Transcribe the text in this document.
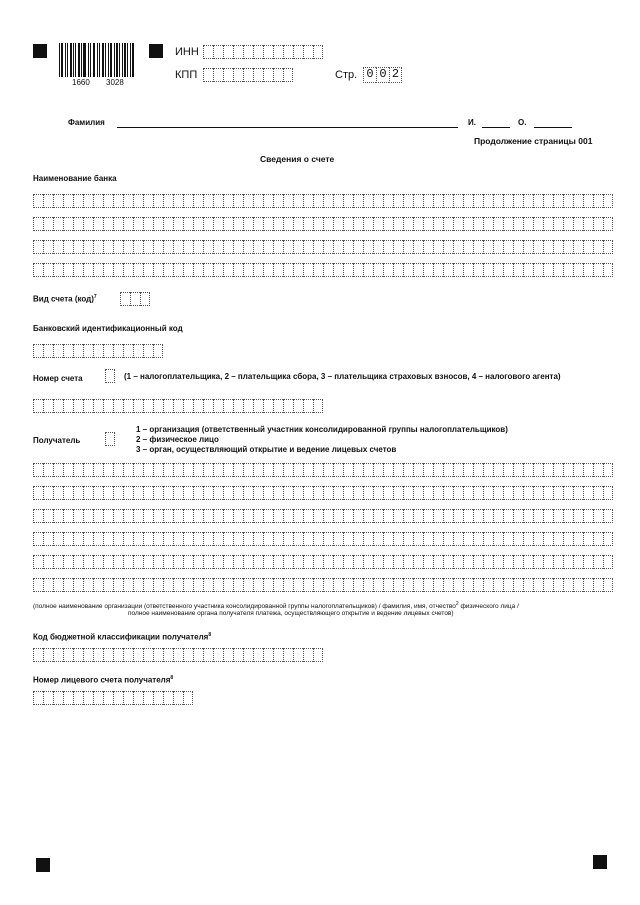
1660 3028
ИНН
КПП	Стр. 0 0 2
Фамилия	И.	О.
Продолжение страницы 001
Сведения о счете
Наименование банка
Вид счета (код)$^7$
Банковский идентификационный код
Номер счета	(1 – налогоплательщика, 2 – плательщика сбора, 3 – плательщика страховых взносов, 4 – налогового агента)
Получатель
1 – организация (ответственный участник консолидированной группы налогоплательщиков)
2 – физическое лицо
3 – орган, осуществляющий открытие и ведение лицевых счетов
(полное наименование организации (ответственного участника консолидированной группы налогоплательщиков) / фамилия, имя, отчество$^2$ физического лица /
полное наименование органа получателя платежа, осуществляющего открытие и ведение лицевых счетов)
Код бюджетной классификации получателя$^8$
Номер лицевого счета получателя$^8$
